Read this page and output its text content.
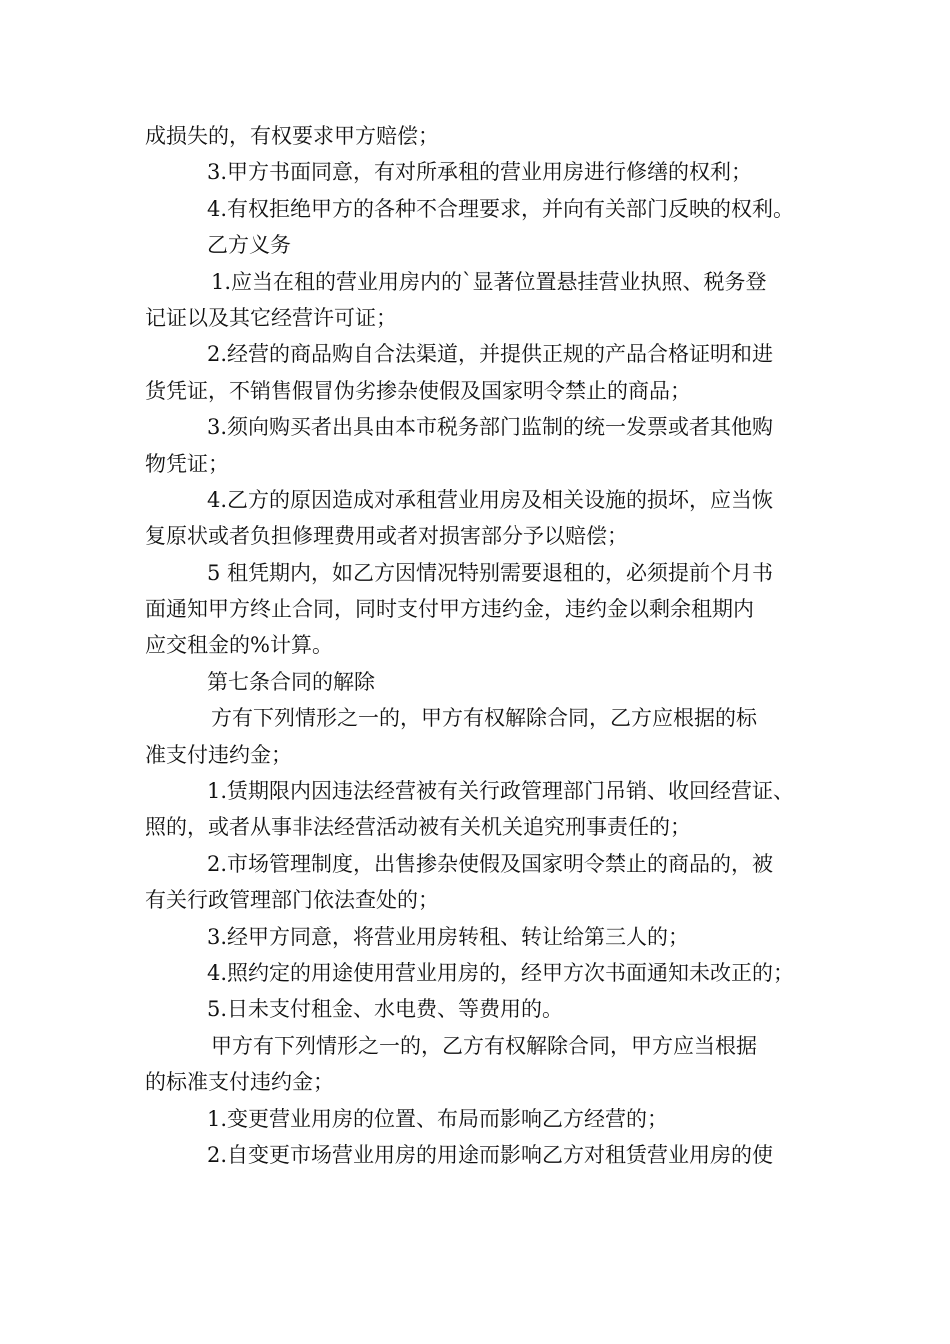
成损失的，有权要求甲方赔偿；
3.甲方书面同意，有对所承租的营业用房进行修缮的权利；
4.有权拒绝甲方的各种不合理要求，并向有关部门反映的权利。
乙方义务
1.应当在租的营业用房内的`显著位置悬挂营业执照、税务登
记证以及其它经营许可证；
2.经营的商品购自合法渠道，并提供正规的产品合格证明和进
货凭证，不销售假冒伪劣掺杂使假及国家明令禁止的商品；
3.须向购买者出具由本市税务部门监制的统一发票或者其他购
物凭证；
4.乙方的原因造成对承租营业用房及相关设施的损坏，应当恢
复原状或者负担修理费用或者对损害部分予以赔偿；
5 租凭期内，如乙方因情况特别需要退租的，必须提前个月书
面通知甲方终止合同，同时支付甲方违约金，违约金以剩余租期内
应交租金的%计算。
第七条合同的解除
方有下列情形之一的，甲方有权解除合同，乙方应根据的标
准支付违约金；
1.赁期限内因违法经营被有关行政管理部门吊销、收回经营证、
照的，或者从事非法经营活动被有关机关追究刑事责任的；
2.市场管理制度，出售掺杂使假及国家明令禁止的商品的，被
有关行政管理部门依法查处的；
3.经甲方同意，将营业用房转租、转让给第三人的；
4.照约定的用途使用营业用房的，经甲方次书面通知未改正的；
5.日未支付租金、水电费、等费用的。
甲方有下列情形之一的，乙方有权解除合同，甲方应当根据
的标准支付违约金；
1.变更营业用房的位置、布局而影响乙方经营的；
2.自变更市场营业用房的用途而影响乙方对租赁营业用房的使
